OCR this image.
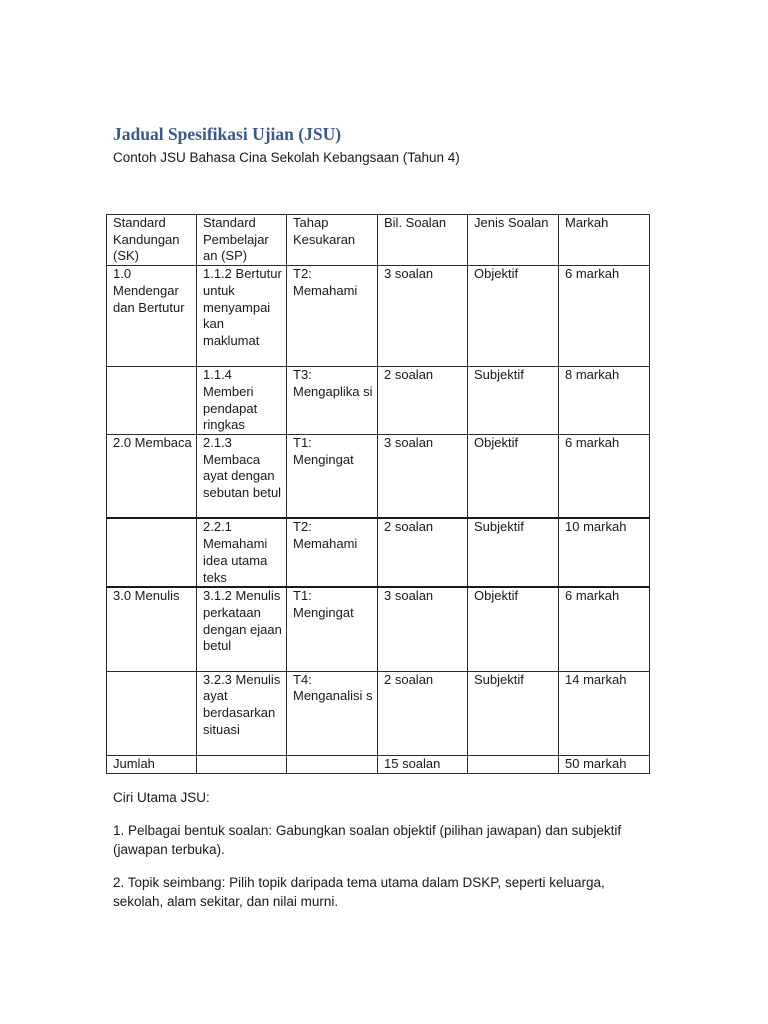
Jadual Spesifikasi Ujian (JSU)
Contoh JSU Bahasa Cina Sekolah Kebangsaan (Tahun 4)
Standard Kandungan (SK)	Standard Pembelajar an (SP)	Tahap Kesukaran	Bil. Soalan	Jenis Soalan	Markah
1.0 Mendengar dan Bertutur	1.1.2 Bertutur untuk menyampai kan maklumat	T2: Memahami	3 soalan	Objektif	6 markah
	1.1.4 Memberi pendapat ringkas	T3: Mengaplika si	2 soalan	Subjektif	8 markah
2.0 Membaca	2.1.3 Membaca ayat dengan sebutan betul	T1: Mengingat	3 soalan	Objektif	6 markah
	2.2.1 Memahami idea utama teks	T2: Memahami	2 soalan	Subjektif	10 markah
3.0 Menulis	3.1.2 Menulis perkataan dengan ejaan betul	T1: Mengingat	3 soalan	Objektif	6 markah
	3.2.3 Menulis ayat berdasarkan situasi	T4: Menganalisi s	2 soalan	Subjektif	14 markah
Jumlah			15 soalan		50 markah

Ciri Utama JSU:

1. Pelbagai bentuk soalan: Gabungkan soalan objektif (pilihan jawapan) dan subjektif (jawapan terbuka).

2. Topik seimbang: Pilih topik daripada tema utama dalam DSKP, seperti keluarga, sekolah, alam sekitar, dan nilai murni.
